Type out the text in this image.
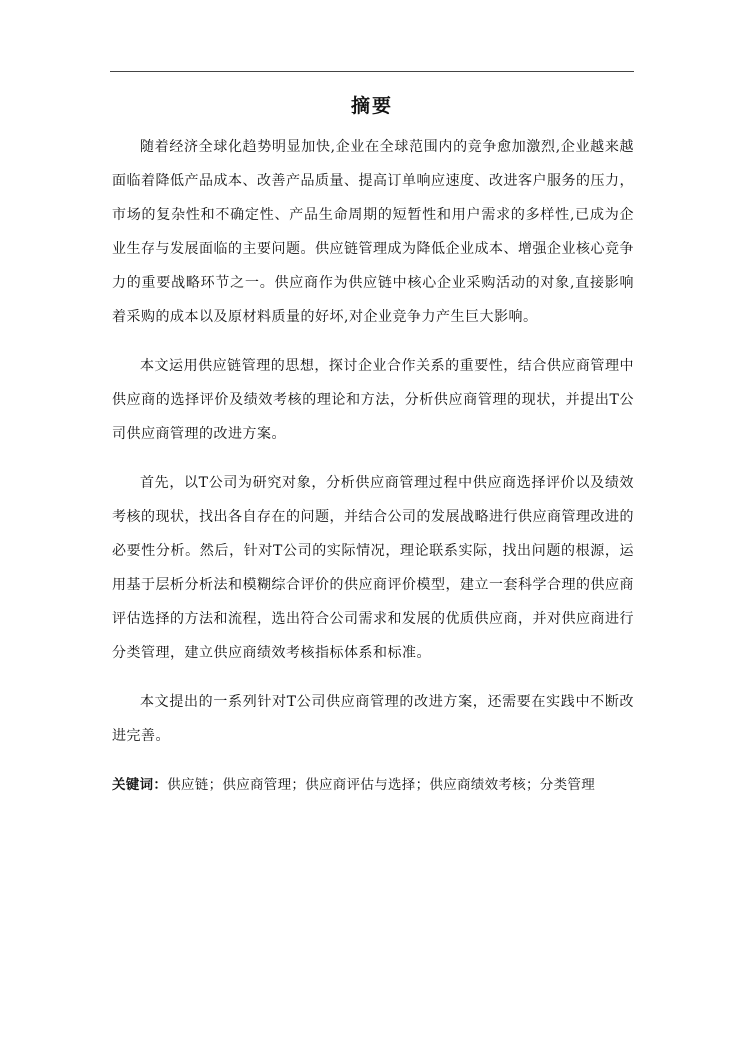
摘要

随着经济全球化趋势明显加快,企业在全球范围内的竞争愈加激烈,企业越来越面临着降低产品成本、改善产品质量、提高订单响应速度、改进客户服务的压力，市场的复杂性和不确定性、产品生命周期的短暂性和用户需求的多样性,已成为企业生存与发展面临的主要问题。供应链管理成为降低企业成本、增强企业核心竞争力的重要战略环节之一。供应商作为供应链中核心企业采购活动的对象,直接影响着采购的成本以及原材料质量的好坏,对企业竞争力产生巨大影响。

本文运用供应链管理的思想，探讨企业合作关系的重要性，结合供应商管理中供应商的选择评价及绩效考核的理论和方法，分析供应商管理的现状，并提出T公司供应商管理的改进方案。

首先，以T公司为研究对象，分析供应商管理过程中供应商选择评价以及绩效考核的现状，找出各自存在的问题，并结合公司的发展战略进行供应商管理改进的必要性分析。然后，针对T公司的实际情况，理论联系实际，找出问题的根源，运用基于层析分析法和模糊综合评价的供应商评价模型，建立一套科学合理的供应商评估选择的方法和流程，选出符合公司需求和发展的优质供应商，并对供应商进行分类管理，建立供应商绩效考核指标体系和标准。

本文提出的一系列针对T公司供应商管理的改进方案，还需要在实践中不断改进完善。

关键词：供应链；供应商管理；供应商评估与选择；供应商绩效考核；分类管理
